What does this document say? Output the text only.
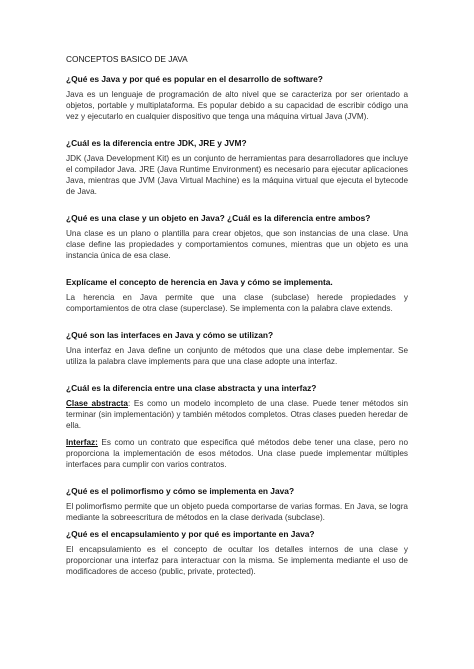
CONCEPTOS BASICO DE JAVA

¿Qué es Java y por qué es popular en el desarrollo de software?

Java es un lenguaje de programación de alto nivel que se caracteriza por ser orientado a objetos, portable y multiplataforma. Es popular debido a su capacidad de escribir código una vez y ejecutarlo en cualquier dispositivo que tenga una máquina virtual Java (JVM).

¿Cuál es la diferencia entre JDK, JRE y JVM?

JDK (Java Development Kit) es un conjunto de herramientas para desarrolladores que incluye el compilador Java. JRE (Java Runtime Environment) es necesario para ejecutar aplicaciones Java, mientras que JVM (Java Virtual Machine) es la máquina virtual que ejecuta el bytecode de Java.

¿Qué es una clase y un objeto en Java? ¿Cuál es la diferencia entre ambos?

Una clase es un plano o plantilla para crear objetos, que son instancias de una clase. Una clase define las propiedades y comportamientos comunes, mientras que un objeto es una instancia única de esa clase.

Explícame el concepto de herencia en Java y cómo se implementa.

La herencia en Java permite que una clase (subclase) herede propiedades y comportamientos de otra clase (superclase). Se implementa con la palabra clave extends.

¿Qué son las interfaces en Java y cómo se utilizan?

Una interfaz en Java define un conjunto de métodos que una clase debe implementar. Se utiliza la palabra clave implements para que una clase adopte una interfaz.

¿Cuál es la diferencia entre una clase abstracta y una interfaz?

Clase abstracta: Es como un modelo incompleto de una clase. Puede tener métodos sin terminar (sin implementación) y también métodos completos. Otras clases pueden heredar de ella.

Interfaz: Es como un contrato que especifica qué métodos debe tener una clase, pero no proporciona la implementación de esos métodos. Una clase puede implementar múltiples interfaces para cumplir con varios contratos.

¿Qué es el polimorfismo y cómo se implementa en Java?

El polimorfismo permite que un objeto pueda comportarse de varias formas. En Java, se logra mediante la sobreescritura de métodos en la clase derivada (subclase).

¿Qué es el encapsulamiento y por qué es importante en Java?

El encapsulamiento es el concepto de ocultar los detalles internos de una clase y proporcionar una interfaz para interactuar con la misma. Se implementa mediante el uso de modificadores de acceso (public, private, protected).
